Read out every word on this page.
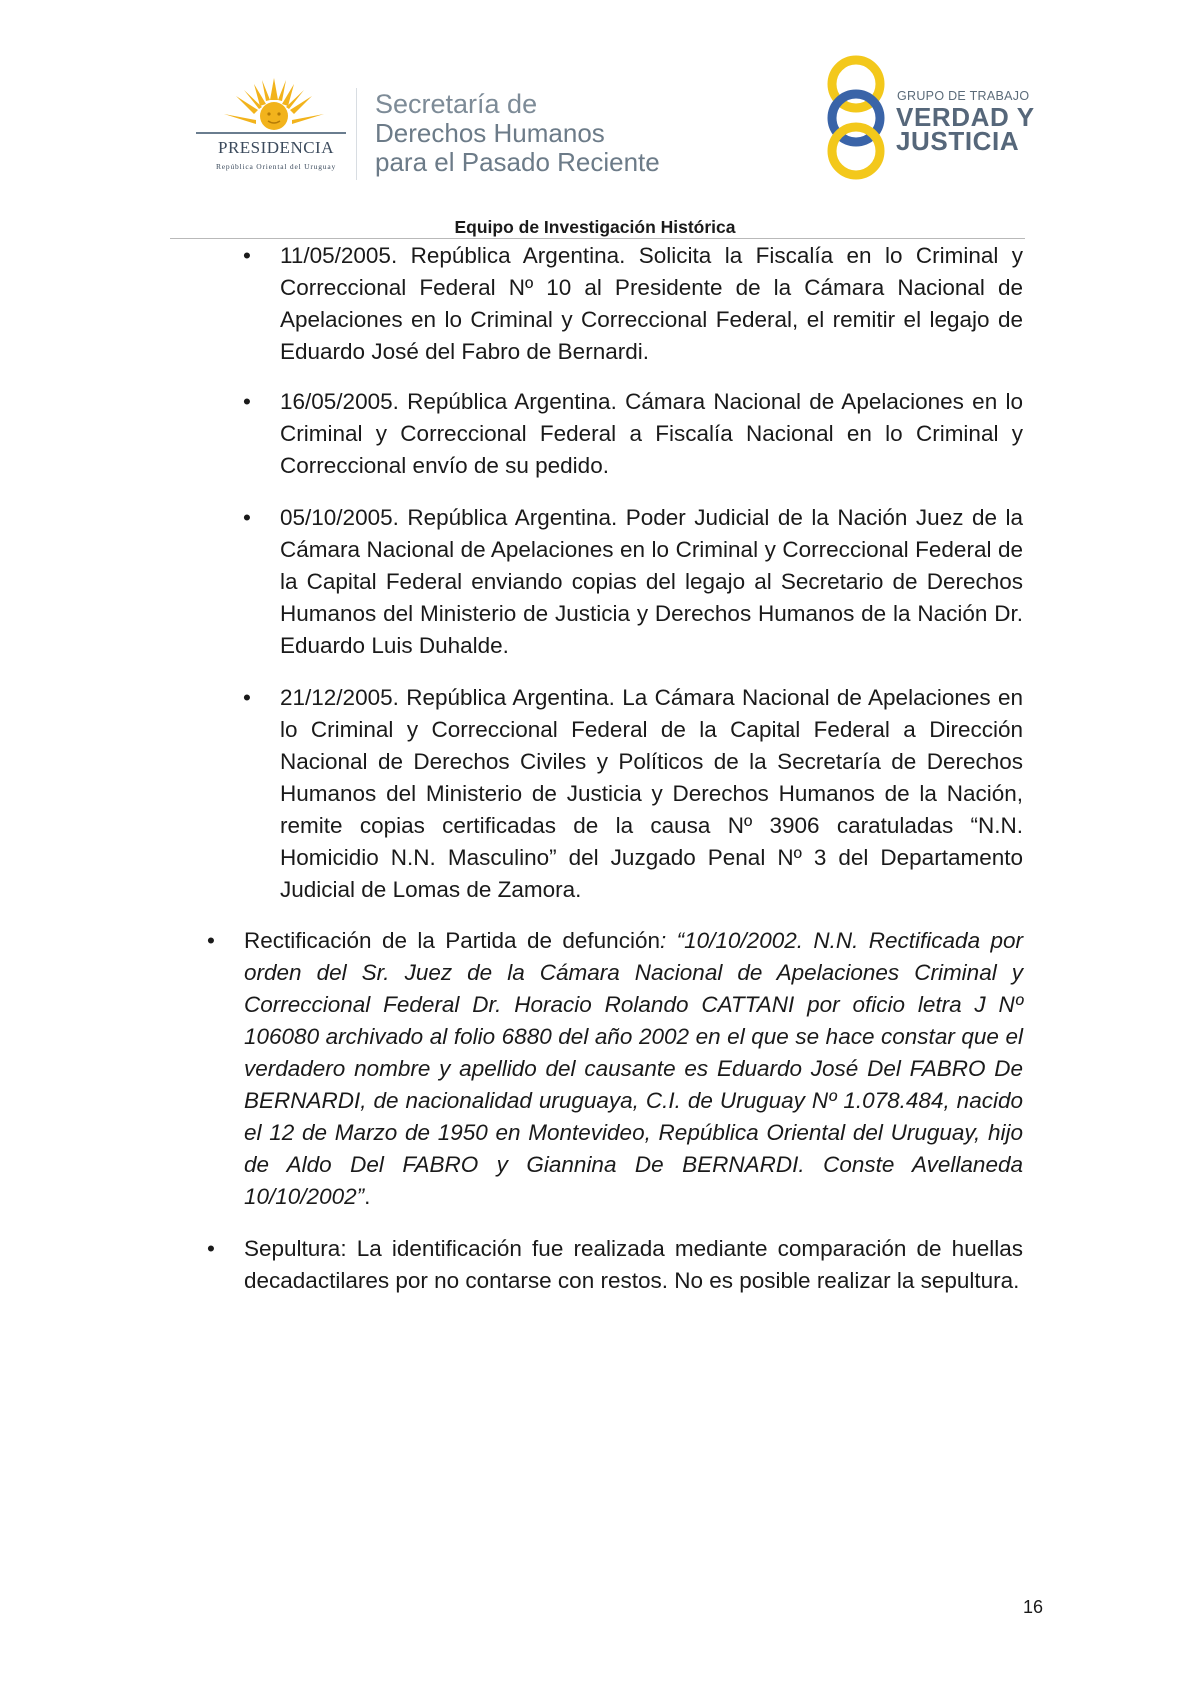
PRESIDENCIA
República Oriental del Uruguay
Secretaría de
Derechos Humanos
para el Pasado Reciente
GRUPO DE TRABAJO
VERDAD Y
JUSTICIA
Equipo de Investigación Histórica
• 11/05/2005. República Argentina. Solicita la Fiscalía en lo Criminal y Correccional Federal Nº 10 al Presidente de la Cámara Nacional de Apelaciones en lo Criminal y Correccional Federal, el remitir el legajo de Eduardo José del Fabro de Bernardi.
• 16/05/2005. República Argentina. Cámara Nacional de Apelaciones en lo Criminal y Correccional Federal a Fiscalía Nacional en lo Criminal y Correccional envío de su pedido.
• 05/10/2005. República Argentina. Poder Judicial de la Nación Juez de la Cámara Nacional de Apelaciones en lo Criminal y Correccional Federal de la Capital Federal enviando copias del legajo al Secretario de Derechos Humanos del Ministerio de Justicia y Derechos Humanos de la Nación Dr. Eduardo Luis Duhalde.
• 21/12/2005. República Argentina. La Cámara Nacional de Apelaciones en lo Criminal y Correccional Federal de la Capital Federal a Dirección Nacional de Derechos Civiles y Políticos de la Secretaría de Derechos Humanos del Ministerio de Justicia y Derechos Humanos de la Nación, remite copias certificadas de la causa Nº 3906 caratuladas “N.N. Homicidio N.N. Masculino” del Juzgado Penal Nº 3 del Departamento Judicial de Lomas de Zamora.
• Rectificación de la Partida de defunción: “10/10/2002. N.N. Rectificada por orden del Sr. Juez de la Cámara Nacional de Apelaciones Criminal y Correccional Federal Dr. Horacio Rolando CATTANI por oficio letra J Nº 106080 archivado al folio 6880 del año 2002 en el que se hace constar que el verdadero nombre y apellido del causante es Eduardo José Del FABRO De BERNARDI, de nacionalidad uruguaya, C.I. de Uruguay Nº 1.078.484, nacido el 12 de Marzo de 1950 en Montevideo, República Oriental del Uruguay, hijo de Aldo Del FABRO y Giannina De BERNARDI. Conste Avellaneda 10/10/2002”.
• Sepultura: La identificación fue realizada mediante comparación de huellas decadactilares por no contarse con restos. No es posible realizar la sepultura.
16
